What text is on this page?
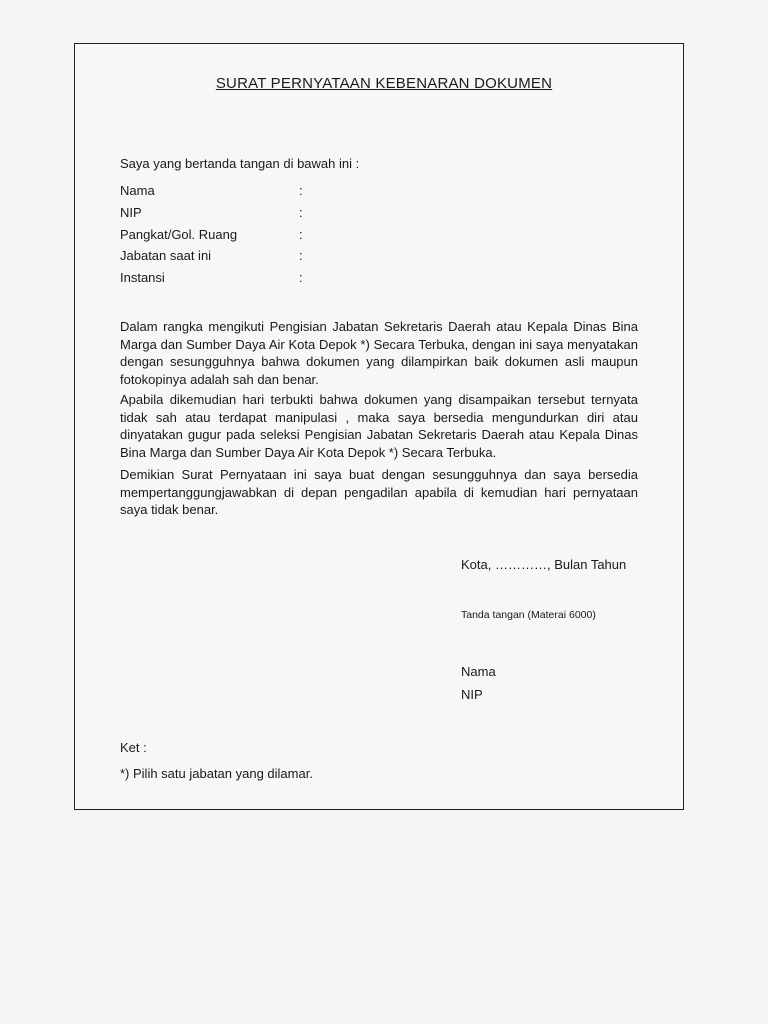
SURAT PERNYATAAN KEBENARAN DOKUMEN
Saya yang bertanda tangan di bawah ini :
Nama	:
NIP	:
Pangkat/Gol. Ruang	:
Jabatan saat ini	:
Instansi	:
Dalam rangka mengikuti Pengisian Jabatan Sekretaris Daerah atau Kepala Dinas Bina Marga dan Sumber Daya Air Kota Depok *) Secara Terbuka, dengan ini saya menyatakan dengan sesungguhnya bahwa dokumen yang dilampirkan baik dokumen asli maupun fotokopinya adalah sah dan benar.
Apabila dikemudian hari terbukti bahwa dokumen yang disampaikan tersebut ternyata tidak sah atau terdapat manipulasi , maka saya bersedia mengundurkan diri atau dinyatakan gugur pada seleksi Pengisian Jabatan Sekretaris Daerah atau Kepala Dinas Bina Marga dan Sumber Daya Air Kota Depok *) Secara Terbuka.
Demikian Surat Pernyataan ini saya buat dengan sesungguhnya dan saya bersedia mempertanggungjawabkan di depan pengadilan apabila di kemudian hari pernyataan saya tidak benar.
Kota, …………, Bulan Tahun
Tanda tangan (Materai 6000)
Nama
NIP
Ket :
*) Pilih satu jabatan yang dilamar.
